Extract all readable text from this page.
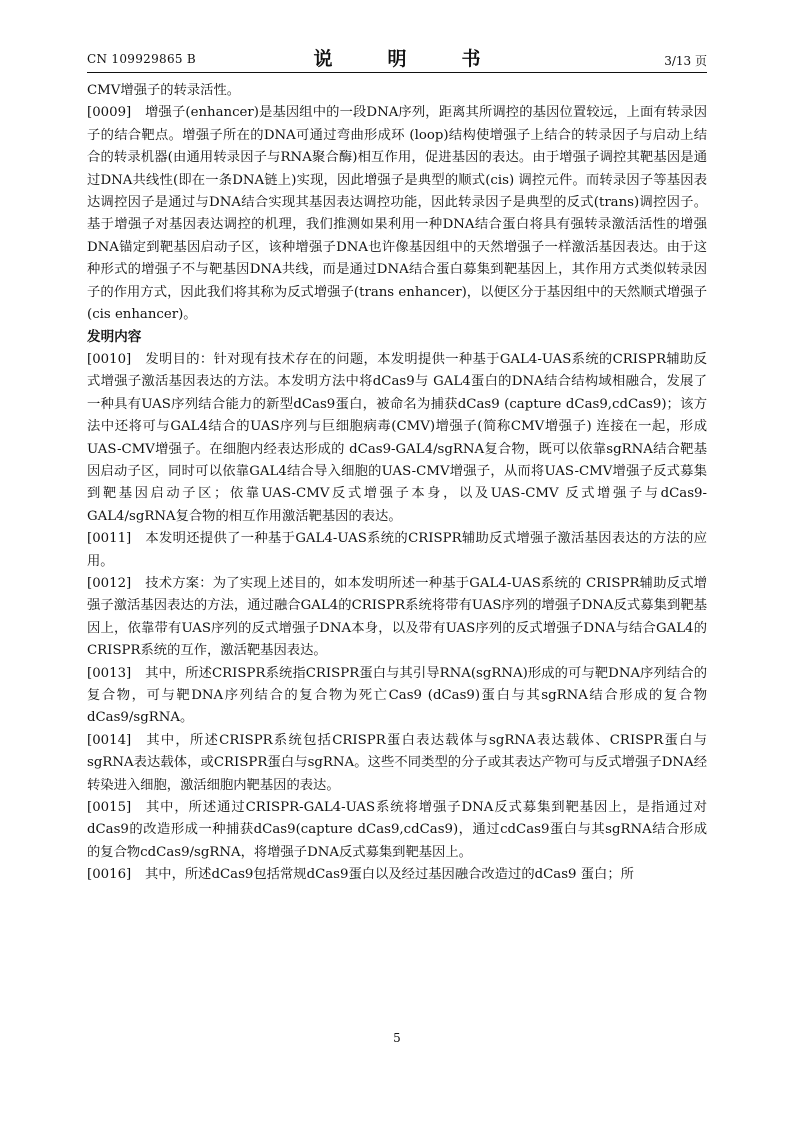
CN 109929865 B	说　明　书	3/13 页

CMV增强子的转录活性。

[0009] 增强子(enhancer)是基因组中的一段DNA序列，距离其所调控的基因位置较远，上面有转录因子的结合靶点。增强子所在的DNA可通过弯曲形成环 (loop)结构使增强子上结合的转录因子与启动上结合的转录机器(由通用转录因子与RNA聚合酶)相互作用，促进基因的表达。由于增强子调控其靶基因是通过DNA共线性(即在一条DNA链上)实现，因此增强子是典型的顺式(cis) 调控元件。而转录因子等基因表达调控因子是通过与DNA结合实现其基因表达调控功能，因此转录因子是典型的反式(trans)调控因子。基于增强子对基因表达调控的机理，我们推测如果利用一种DNA结合蛋白将具有强转录激活活性的增强DNA锚定到靶基因启动子区，该种增强子DNA也许像基因组中的天然增强子一样激活基因表达。由于这种形式的增强子不与靶基因DNA共线，而是通过DNA结合蛋白募集到靶基因上，其作用方式类似转录因子的作用方式，因此我们将其称为反式增强子(trans enhancer)，以便区分于基因组中的天然顺式增强子(cis enhancer)。

发明内容

[0010] 发明目的：针对现有技术存在的问题，本发明提供一种基于GAL4-UAS系统的CRISPR辅助反式增强子激活基因表达的方法。本发明方法中将dCas9与 GAL4蛋白的DNA结合结构域相融合，发展了一种具有UAS序列结合能力的新型dCas9蛋白，被命名为捕获dCas9 (capture dCas9,cdCas9)；该方法中还将可与GAL4结合的UAS序列与巨细胞病毒(CMV)增强子(简称CMV增强子) 连接在一起，形成UAS-CMV增强子。在细胞内经表达形成的 dCas9-GAL4/sgRNA复合物，既可以依靠sgRNA结合靶基因启动子区，同时可以依靠GAL4结合导入细胞的UAS-CMV增强子，从而将UAS-CMV增强子反式募集到靶基因启动子区；依靠UAS-CMV反式增强子本身，以及UAS-CMV 反式增强子与dCas9-GAL4/sgRNA复合物的相互作用激活靶基因的表达。

[0011] 本发明还提供了一种基于GAL4-UAS系统的CRISPR辅助反式增强子激活基因表达的方法的应用。

[0012] 技术方案：为了实现上述目的，如本发明所述一种基于GAL4-UAS系统的 CRISPR辅助反式增强子激活基因表达的方法，通过融合GAL4的CRISPR系统将带有UAS序列的增强子DNA反式募集到靶基因上，依靠带有UAS序列的反式增强子DNA本身，以及带有UAS序列的反式增强子DNA与结合GAL4的 CRISPR系统的互作，激活靶基因表达。

[0013] 其中，所述CRISPR系统指CRISPR蛋白与其引导RNA(sgRNA)形成的可与靶DNA序列结合的复合物，可与靶DNA序列结合的复合物为死亡Cas9 (dCas9)蛋白与其sgRNA结合形成的复合物dCas9/sgRNA。

[0014] 其中，所述CRISPR系统包括CRISPR蛋白表达载体与sgRNA表达载体、CRISPR蛋白与sgRNA表达载体，或CRISPR蛋白与sgRNA。这些不同类型的分子或其表达产物可与反式增强子DNA经转染进入细胞，激活细胞内靶基因的表达。

[0015] 其中，所述通过CRISPR-GAL4-UAS系统将增强子DNA反式募集到靶基因上，是指通过对dCas9的改造形成一种捕获dCas9(capture dCas9,cdCas9)，通过cdCas9蛋白与其sgRNA结合形成的复合物cdCas9/sgRNA，将增强子DNA反式募集到靶基因上。

[0016] 其中，所述dCas9包括常规dCas9蛋白以及经过基因融合改造过的dCas9 蛋白；所

5
